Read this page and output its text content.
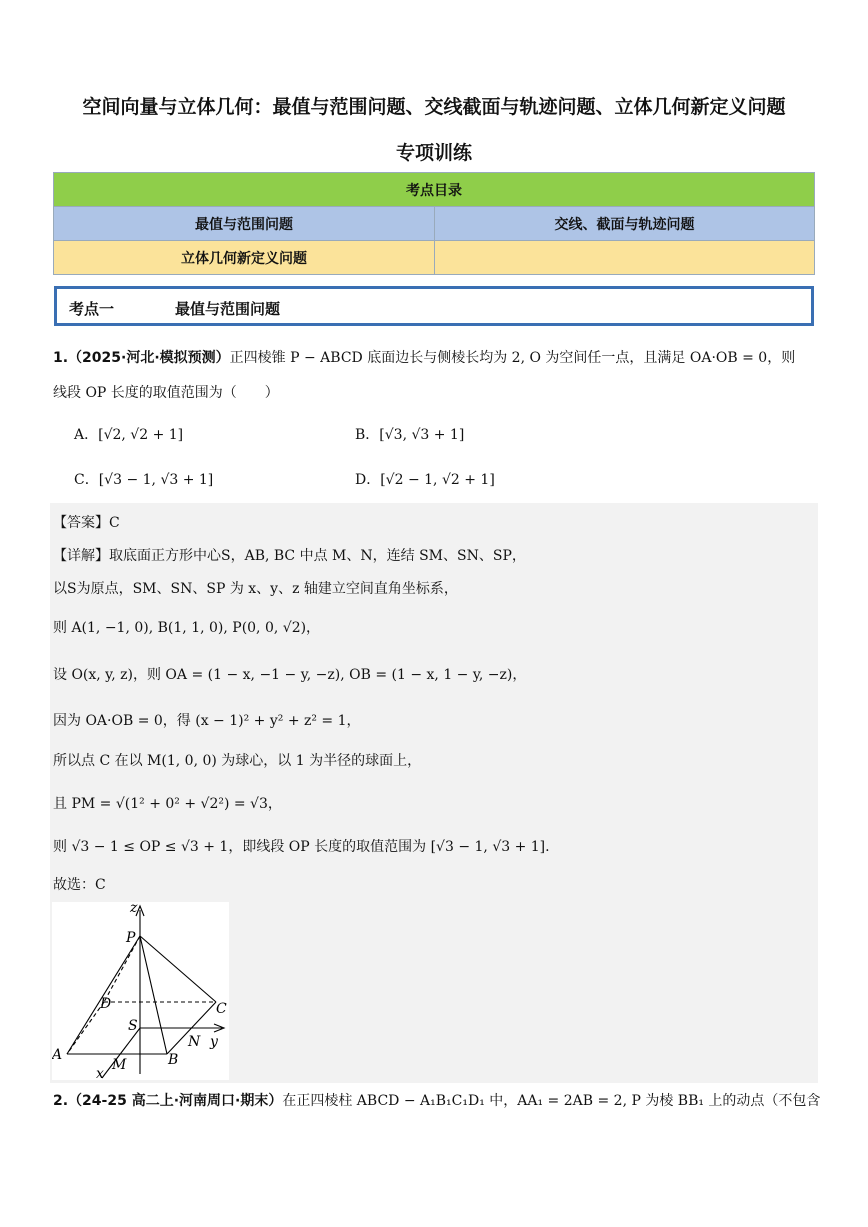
空间向量与立体几何：最值与范围问题、交线截面与轨迹问题、立体几何新定义问题
专项训练
考点目录	
最值与范围问题	交线、截面与轨迹问题
立体几何新定义问题	
考点一	最值与范围问题
1.（2025·河北·模拟预测）正四棱锥 P − ABCD 底面边长与侧棱长均为 2, O 为空间任一点，且满足 OA·OB = 0，则
线段 OP 长度的取值范围为（　　）
A．[√2, √2 + 1]	B．[√3, √3 + 1]
C．[√3 − 1, √3 + 1]	D．[√2 − 1, √2 + 1]
【答案】C
【详解】取底面正方形中心S，AB, BC 中点 M、N，连结 SM、SN、SP，
以S为原点，SM、SN、SP 为 x、y、z 轴建立空间直角坐标系，
则 A(1, −1, 0), B(1, 1, 0), P(0, 0, √2)，
设 O(x, y, z)，则 OA = (1 − x, −1 − y, −z), OB = (1 − x, 1 − y, −z)，
因为 OA·OB = 0，得 (x − 1)² + y² + z² = 1，
所以点 C 在以 M(1, 0, 0) 为球心，以 1 为半径的球面上，
且 PM = √(1² + 0² + √2²) = √3，
则 √3 − 1 ≤ OP ≤ √3 + 1，即线段 OP 长度的取值范围为 [√3 − 1, √3 + 1].
故选：C
z
P
D	C
S
A	B
N
M
y
x
2.（24-25 高二上·河南周口·期末）在正四棱柱 ABCD − A₁B₁C₁D₁ 中，AA₁ = 2AB = 2, P 为棱 BB₁ 上的动点（不包含
